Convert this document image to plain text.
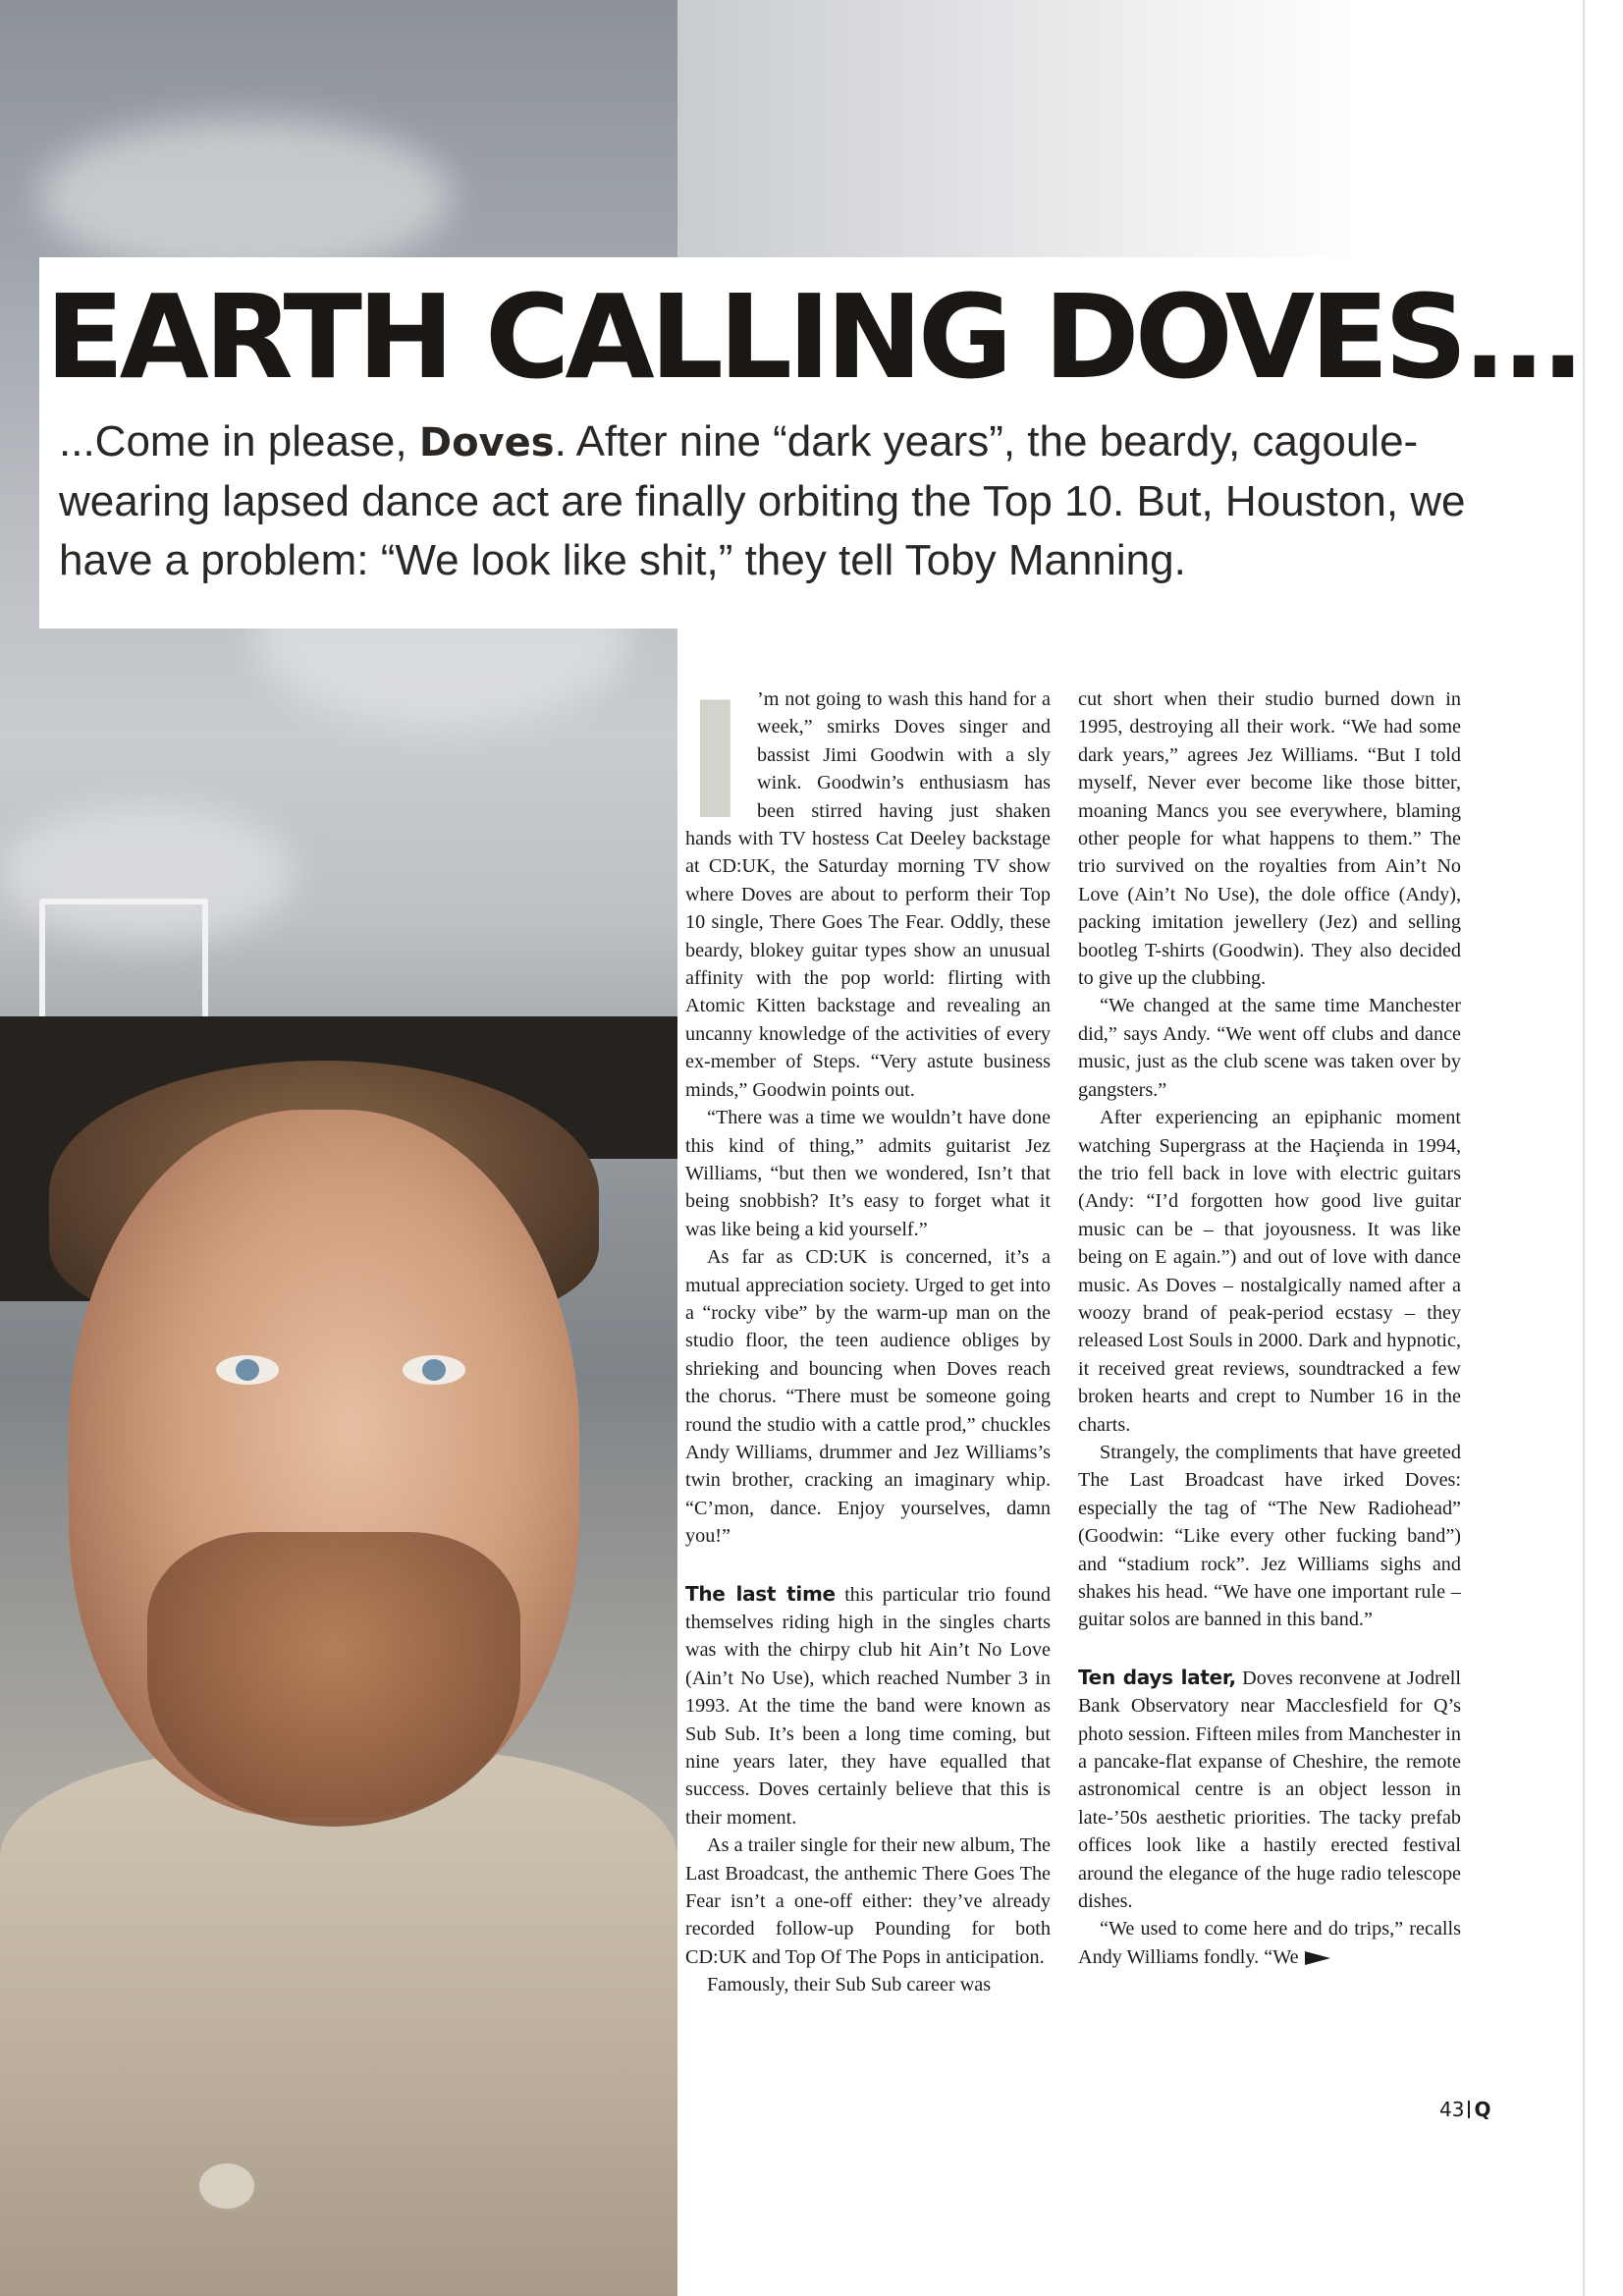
EARTH CALLING DOVES...

...Come in please, Doves. After nine “dark years”, the beardy, cagoule-wearing lapsed dance act are finally orbiting the Top 10. But, Houston, we have a problem: “We look like shit,” they tell Toby Manning.

I ’m not going to wash this hand for a week,” smirks Doves singer and bassist Jimi Goodwin with a sly wink. Goodwin’s enthusiasm has been stirred having just shaken hands with TV hostess Cat Deeley backstage at CD:UK, the Saturday morning TV show where Doves are about to perform their Top 10 single, There Goes The Fear. Oddly, these beardy, blokey guitar types show an unusual affinity with the pop world: flirting with Atomic Kitten backstage and revealing an uncanny knowledge of the activities of every ex-member of Steps. “Very astute business minds,” Goodwin points out.

“There was a time we wouldn’t have done this kind of thing,” admits guitarist Jez Williams, “but then we wondered, Isn’t that being snobbish? It’s easy to forget what it was like being a kid yourself.”

As far as CD:UK is concerned, it’s a mutual appreciation society. Urged to get into a “rocky vibe” by the warm-up man on the studio floor, the teen audience obliges by shrieking and bouncing when Doves reach the chorus. “There must be someone going round the studio with a cattle prod,” chuckles Andy Williams, drummer and Jez Williams’s twin brother, cracking an imaginary whip. “C’mon, dance. Enjoy yourselves, damn you!”

The last time this particular trio found themselves riding high in the singles charts was with the chirpy club hit Ain’t No Love (Ain’t No Use), which reached Number 3 in 1993. At the time the band were known as Sub Sub. It’s been a long time coming, but nine years later, they have equalled that success. Doves certainly believe that this is their moment.

As a trailer single for their new album, The Last Broadcast, the anthemic There Goes The Fear isn’t a one-off either: they’ve already recorded follow-up Pounding for both CD:UK and Top Of The Pops in anticipation.

Famously, their Sub Sub career was

cut short when their studio burned down in 1995, destroying all their work. “We had some dark years,” agrees Jez Williams. “But I told myself, Never ever become like those bitter, moaning Mancs you see everywhere, blaming other people for what happens to them.” The trio survived on the royalties from Ain’t No Love (Ain’t No Use), the dole office (Andy), packing imitation jewellery (Jez) and selling bootleg T-shirts (Goodwin). They also decided to give up the clubbing.

“We changed at the same time Manchester did,” says Andy. “We went off clubs and dance music, just as the club scene was taken over by gangsters.”

After experiencing an epiphanic moment watching Supergrass at the Haçienda in 1994, the trio fell back in love with electric guitars (Andy: “I’d forgotten how good live guitar music can be – that joyousness. It was like being on E again.”) and out of love with dance music. As Doves – nostalgically named after a woozy brand of peak-period ecstasy – they released Lost Souls in 2000. Dark and hypnotic, it received great reviews, soundtracked a few broken hearts and crept to Number 16 in the charts.

Strangely, the compliments that have greeted The Last Broadcast have irked Doves: especially the tag of “The New Radiohead” (Goodwin: “Like every other fucking band”) and “stadium rock”. Jez Williams sighs and shakes his head. “We have one important rule – guitar solos are banned in this band.”

Ten days later, Doves reconvene at Jodrell Bank Observatory near Macclesfield for Q’s photo session. Fifteen miles from Manchester in a pancake-flat expanse of Cheshire, the remote astronomical centre is an object lesson in late-’50s aesthetic priorities. The tacky prefab offices look like a hastily erected festival around the elegance of the huge radio telescope dishes.

“We used to come here and do trips,” recalls Andy Williams fondly. “We

43 Q
